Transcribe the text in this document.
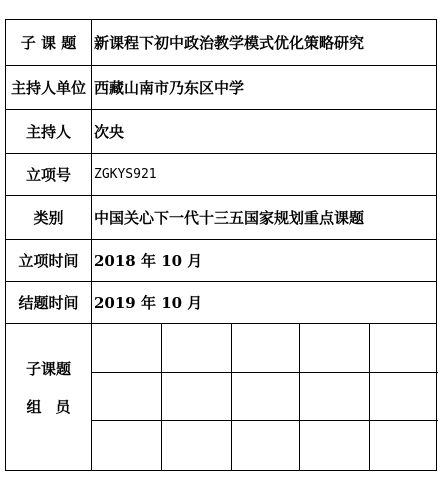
子 课 题	新课程下初中政治教学模式优化策略研究
主持人单位 西藏山南市乃东区中学
主持人	次央
立项号	ZGKYS921
类别	中国关心下一代十三五国家规划重点课题
立项时间	2018 年 10 月
结题时间	2019 年 10 月
子课题
组员
